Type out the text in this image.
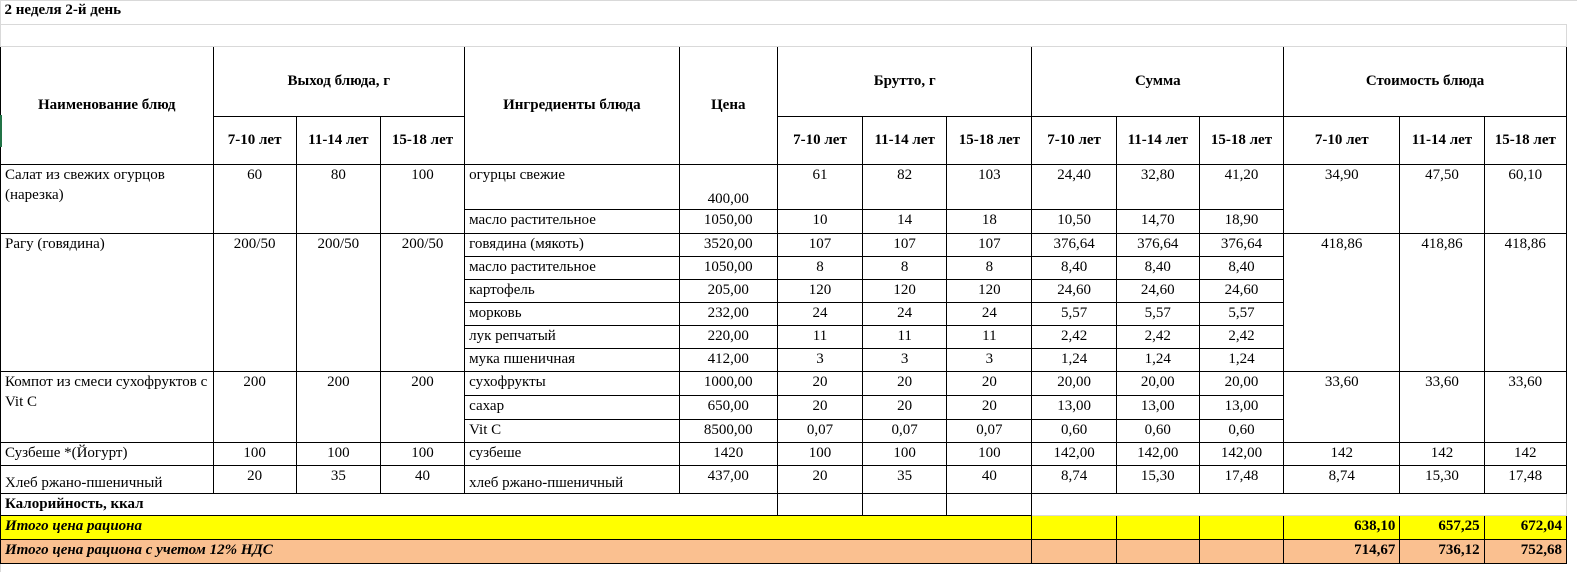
2 неделя 2-й день														

Наименование блюд	Выход блюда, г			Ингредиенты блюда	Цена	Брутто, г			Сумма			Стоимость блюда		
	7-10 лет	11-14 лет	15-18 лет			7-10 лет	11-14 лет	15-18 лет	7-10 лет	11-14 лет	15-18 лет	7-10 лет	11-14 лет	15-18 лет
Салат из свежих огурцов (нарезка)	60	80	100	огурцы свежие	400,00	61	82	103	24,40	32,80	41,20	34,90	47,50	60,10
				масло растительное	1050,00	10	14	18	10,50	14,70	18,90			
Рагу (говядина)	200/50	200/50	200/50	говядина (мякоть)	3520,00	107	107	107	376,64	376,64	376,64	418,86	418,86	418,86
				масло растительное	1050,00	8	8	8	8,40	8,40	8,40			
				картофель	205,00	120	120	120	24,60	24,60	24,60			
				морковь	232,00	24	24	24	5,57	5,57	5,57			
				лук репчатый	220,00	11	11	11	2,42	2,42	2,42			
				мука пшеничная	412,00	3	3	3	1,24	1,24	1,24			
Компот из смеси сухофруктов с Vit C	200	200	200	сухофрукты	1000,00	20	20	20	20,00	20,00	20,00	33,60	33,60	33,60
				сахар	650,00	20	20	20	13,00	13,00	13,00			
				Vit C	8500,00	0,07	0,07	0,07	0,60	0,60	0,60			
Сузбеше *(Йогурт)	100	100	100	сузбеше	1420	100	100	100	142,00	142,00	142,00	142	142	142
Хлеб ржано-пшеничный	20	35	40	хлеб ржано-пшеничный	437,00	20	35	40	8,74	15,30	17,48	8,74	15,30	17,48
Калорийность, ккал														
Итого цена рациона												638,10	657,25	672,04
Итого цена рациона с учетом 12% НДС												714,67	736,12	752,68
